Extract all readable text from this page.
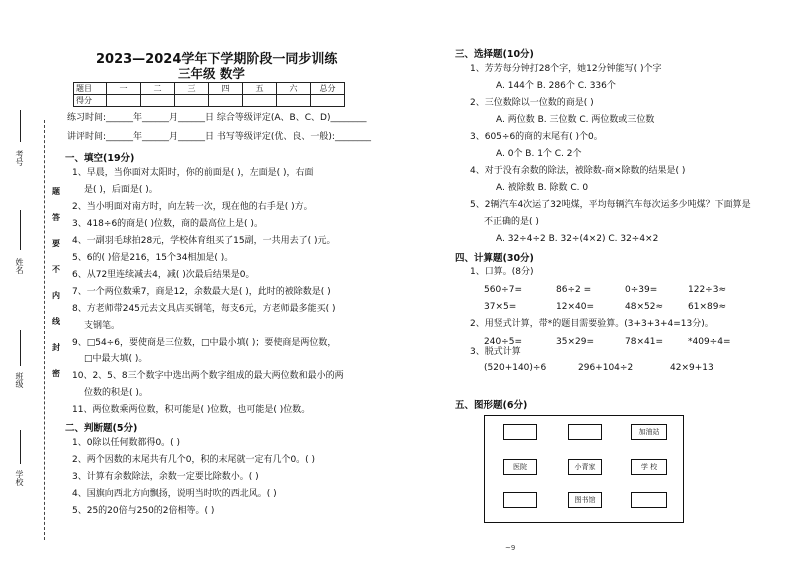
考号
姓名
班级
学校
题
答
要
不
内
线
封
密
2023—2024学年下学期阶段一同步训练
三年级 数学
题目	一	二	三	四	五	六	总分
得分							
练习时间:______年______月______日 综合等级评定(A、B、C、D)________
讲评时间:______年______月______日 书写等级评定(优、良、一般):________
一、填空(19分)
1、早晨，当你面对太阳时，你的前面是( )，左面是( )，右面
是( )，后面是( )。
2、当小明面对南方时，向左转一次，现在他的右手是( )方。
3、418÷6的商是( )位数，商的最高位上是( )。
4、一副羽毛球拍28元，学校体育组买了15副，一共用去了( )元。
5、6的( )倍是216，15个34相加是( )。
6、从72里连续减去4，减( )次最后结果是0。
7、一个两位数乘7，商是12，余数最大是( )，此时的被除数是( )
8、方老师带245元去文具店买钢笔，每支6元，方老师最多能买( )
支钢笔。
9、□54÷6，要使商是三位数，□中最小填( )；要使商是两位数，
□中最大填( )。
10、2、5、8三个数字中选出两个数字组成的最大两位数和最小的两
位数的积是( )。
11、两位数乘两位数，积可能是( )位数，也可能是( )位数。
二、判断题(5分)
1、0除以任何数都得0。( )
2、两个因数的末尾共有几个0，积的末尾就一定有几个0。( )
3、计算有余数除法，余数一定要比除数小。( )
4、国旗向西北方向飘扬，说明当时吹的西北风。( )
5、25的20倍与250的2倍相等。( )
三、选择题(10分)
1、芳芳每分钟打28个字，她12分钟能写( )个字
A. 144个 B. 286个 C. 336个
2、三位数除以一位数的商是( )
A. 两位数 B. 三位数 C. 两位数或三位数
3、605÷6的商的末尾有( )个0。
A. 0个 B. 1个 C. 2个
4、对于没有余数的除法，被除数-商×除数的结果是( )
A. 被除数 B. 除数 C. 0
5、2辆汽车4次运了32吨煤，平均每辆汽车每次运多少吨煤？下面算是
不正确的是( )
A. 32÷4÷2 B. 32÷(4×2) C. 32÷4×2
四、计算题(30分)
1、口算。(8分)
560÷7=	86÷2 =	0÷39=	122÷3≈
37×5=	12×40=	48×52≈	61×89≈
2、用竖式计算，带*的题目需要验算。(3+3+3+4=13分)。
240÷5=	35×29=	78×41=	*409÷4=
3、脱式计算
(520+140)÷6	296+104÷2	42×9+13
五、图形题(6分)
加油站
医院	小青家	学 校
图书馆
~9
